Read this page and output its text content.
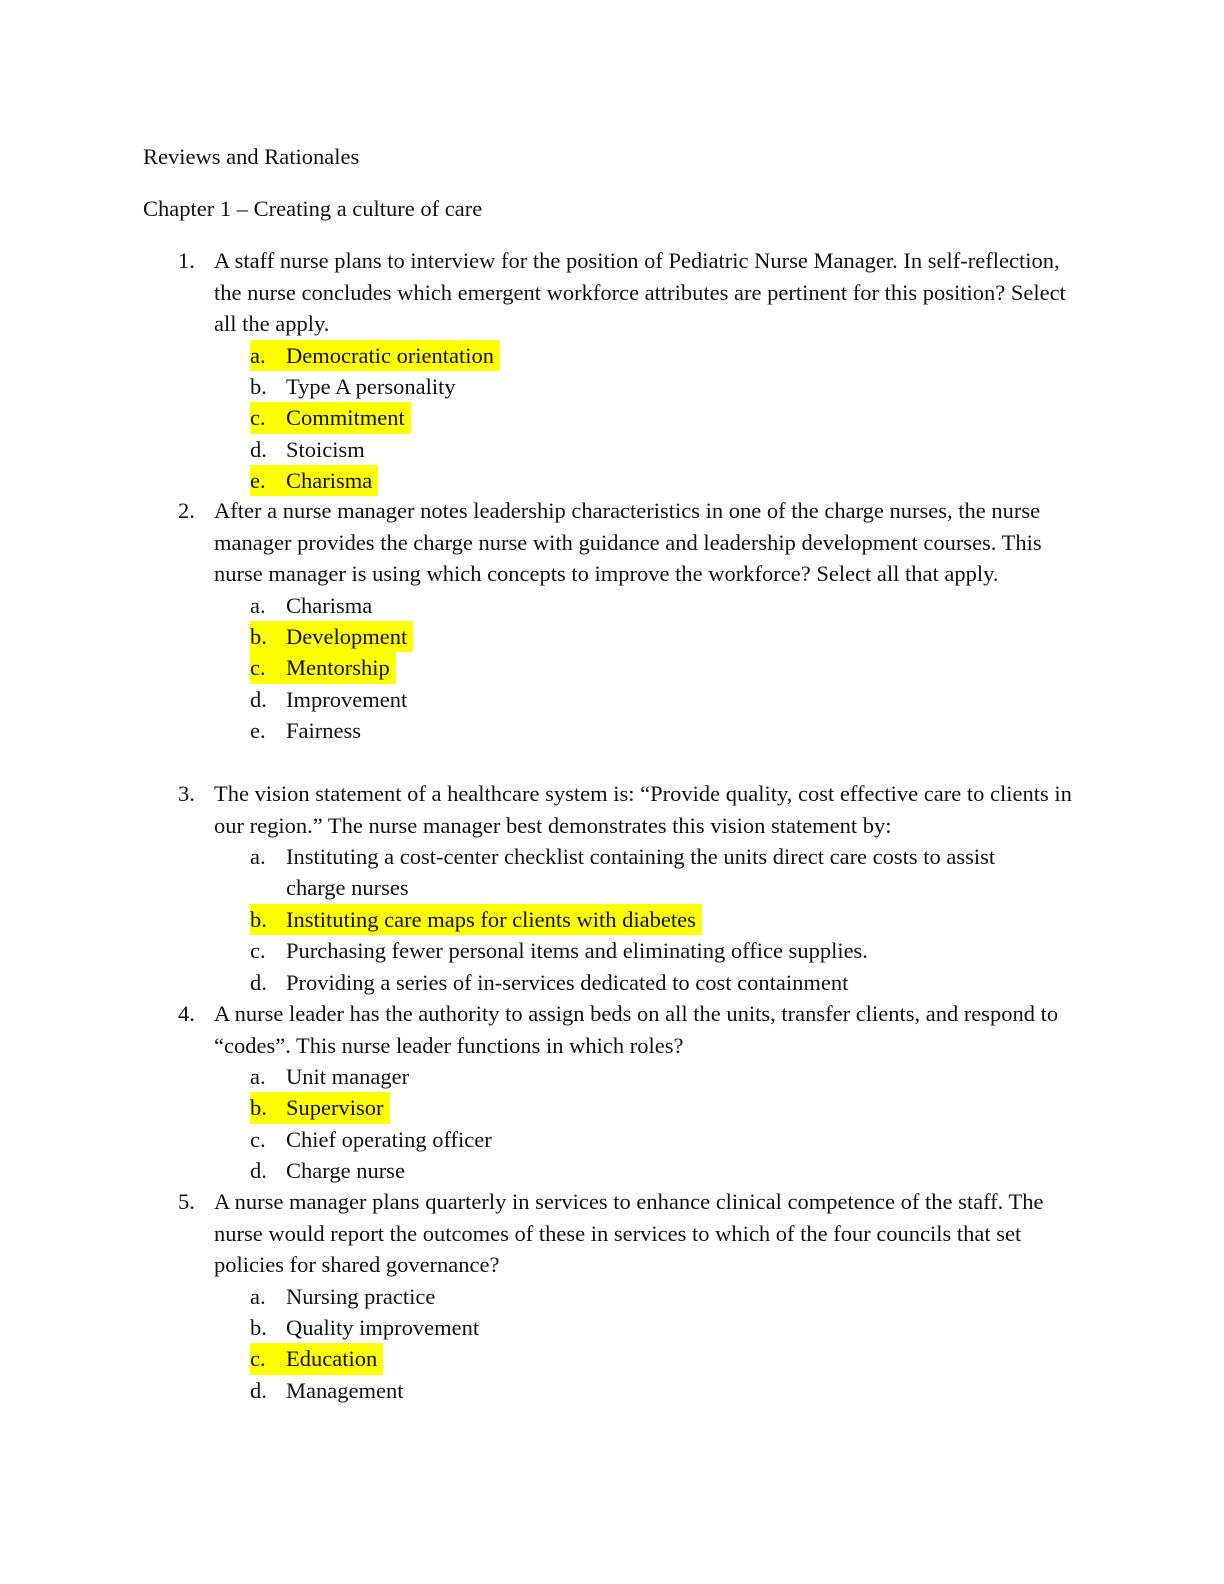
Reviews and Rationales
Chapter 1 – Creating a culture of care
1. A staff nurse plans to interview for the position of Pediatric Nurse Manager. In self-reflection, the nurse concludes which emergent workforce attributes are pertinent for this position? Select all the apply.
a. Democratic orientation
b. Type A personality
c. Commitment
d. Stoicism
e. Charisma
2. After a nurse manager notes leadership characteristics in one of the charge nurses, the nurse manager provides the charge nurse with guidance and leadership development courses. This nurse manager is using which concepts to improve the workforce? Select all that apply.
a. Charisma
b. Development
c. Mentorship
d. Improvement
e. Fairness
3. The vision statement of a healthcare system is: “Provide quality, cost effective care to clients in our region.” The nurse manager best demonstrates this vision statement by:
a. Instituting a cost-center checklist containing the units direct care costs to assist charge nurses
b. Instituting care maps for clients with diabetes
c. Purchasing fewer personal items and eliminating office supplies.
d. Providing a series of in-services dedicated to cost containment
4. A nurse leader has the authority to assign beds on all the units, transfer clients, and respond to “codes”. This nurse leader functions in which roles?
a. Unit manager
b. Supervisor
c. Chief operating officer
d. Charge nurse
5. A nurse manager plans quarterly in services to enhance clinical competence of the staff. The nurse would report the outcomes of these in services to which of the four councils that set policies for shared governance?
a. Nursing practice
b. Quality improvement
c. Education
d. Management
